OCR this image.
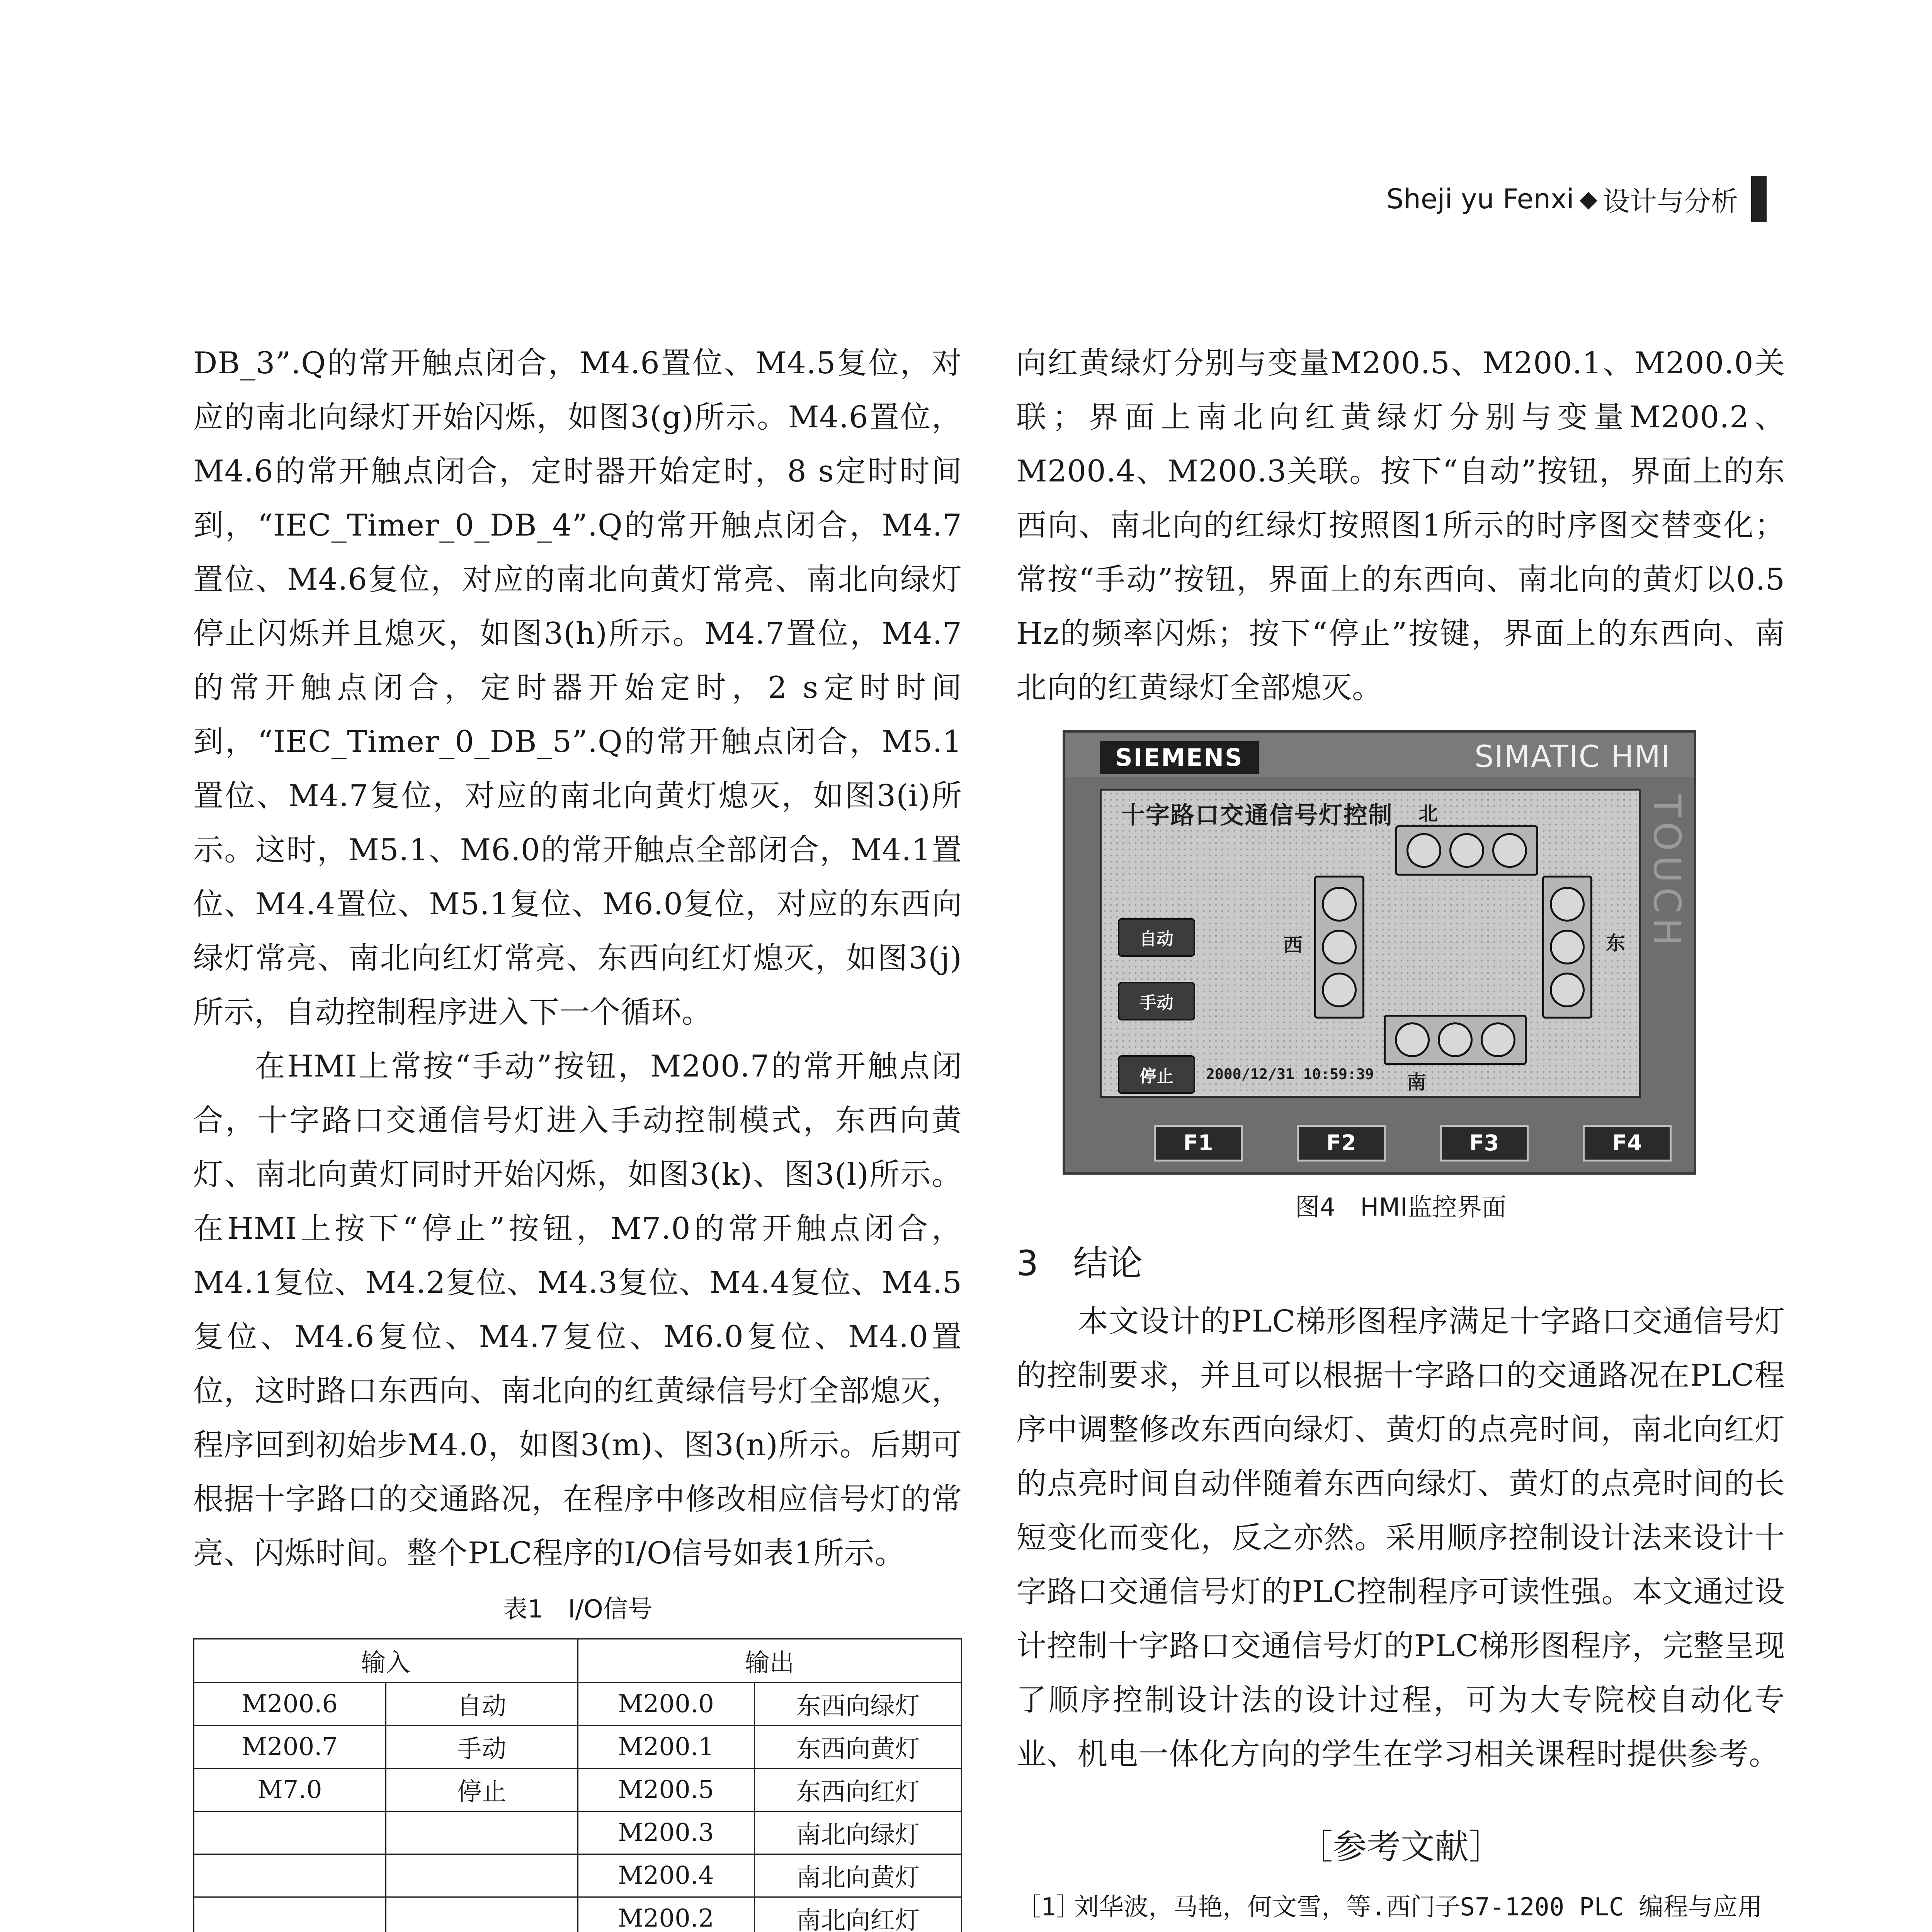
Sheji yu Fenxi ◆ 设计与分析

DB_3”.Q的常开触点闭合，M4.6置位、M4.5复位，对应的南北向绿灯开始闪烁，如图3(g)所示。M4.6置位，M4.6的常开触点闭合，定时器开始定时，8 s定时时间到，“IEC_Timer_0_DB_4”.Q的常开触点闭合，M4.7置位、M4.6复位，对应的南北向黄灯常亮、南北向绿灯停止闪烁并且熄灭，如图3(h)所示。M4.7置位，M4.7的常开触点闭合，定时器开始定时，2 s定时时间到，“IEC_Timer_0_DB_5”.Q的常开触点闭合，M5.1置位、M4.7复位，对应的南北向黄灯熄灭，如图3(i)所示。这时，M5.1、M6.0的常开触点全部闭合，M4.1置位、M4.4置位、M5.1复位、M6.0复位，对应的东西向绿灯常亮、南北向红灯常亮、东西向红灯熄灭，如图3(j)所示，自动控制程序进入下一个循环。

在HMI上常按“手动”按钮，M200.7的常开触点闭合，十字路口交通信号灯进入手动控制模式，东西向黄灯、南北向黄灯同时开始闪烁，如图3(k)、图3(l)所示。在HMI上按下“停止”按钮，M7.0的常开触点闭合，M4.1复位、M4.2复位、M4.3复位、M4.4复位、M4.5复位、M4.6复位、M4.7复位、M6.0复位、M4.0置位，这时路口东西向、南北向的红黄绿信号灯全部熄灭，程序回到初始步M4.0，如图3(m)、图3(n)所示。后期可根据十字路口的交通路况，在程序中修改相应信号灯的常亮、闪烁时间。整个PLC程序的I/O信号如表1所示。

表1　I/O信号
输入		输出	
M200.6	自动	M200.0	东西向绿灯
M200.7	手动	M200.1	东西向黄灯
M7.0	停止	M200.5	东西向红灯
		M200.3	南北向绿灯
		M200.4	南北向黄灯
		M200.2	南北向红灯

向红黄绿灯分别与变量M200.5、M200.1、M200.0关联；界面上南北向红黄绿灯分别与变量M200.2、M200.4、M200.3关联。按下“自动”按钮，界面上的东西向、南北向的红绿灯按照图1所示的时序图交替变化；常按“手动”按钮，界面上的东西向、南北向的黄灯以0.5 Hz的频率闪烁；按下“停止”按键，界面上的东西向、南北向的红黄绿灯全部熄灭。

SIEMENS	SIMATIC HMI
TOUCH
十字路口交通信号灯控制 北
南
西	东
自动
手动
停止	2000/12/31 10:59:39
F1	F2	F3	F4
图4　HMI监控界面
3　结论

本文设计的PLC梯形图程序满足十字路口交通信号灯的控制要求，并且可以根据十字路口的交通路况在PLC程序中调整修改东西向绿灯、黄灯的点亮时间，南北向红灯的点亮时间自动伴随着东西向绿灯、黄灯的点亮时间的长短变化而变化，反之亦然。采用顺序控制设计法来设计十字路口交通信号灯的PLC控制程序可读性强。本文通过设计控制十字路口交通信号灯的PLC梯形图程序，完整呈现了顺序控制设计法的设计过程，可为大专院校自动化专业、机电一体化方向的学生在学习相关课程时提供参考。

［参考文献］
［1］
刘华波，马艳，何文雪，等.西门子S7-1200 PLC 编程与应用
